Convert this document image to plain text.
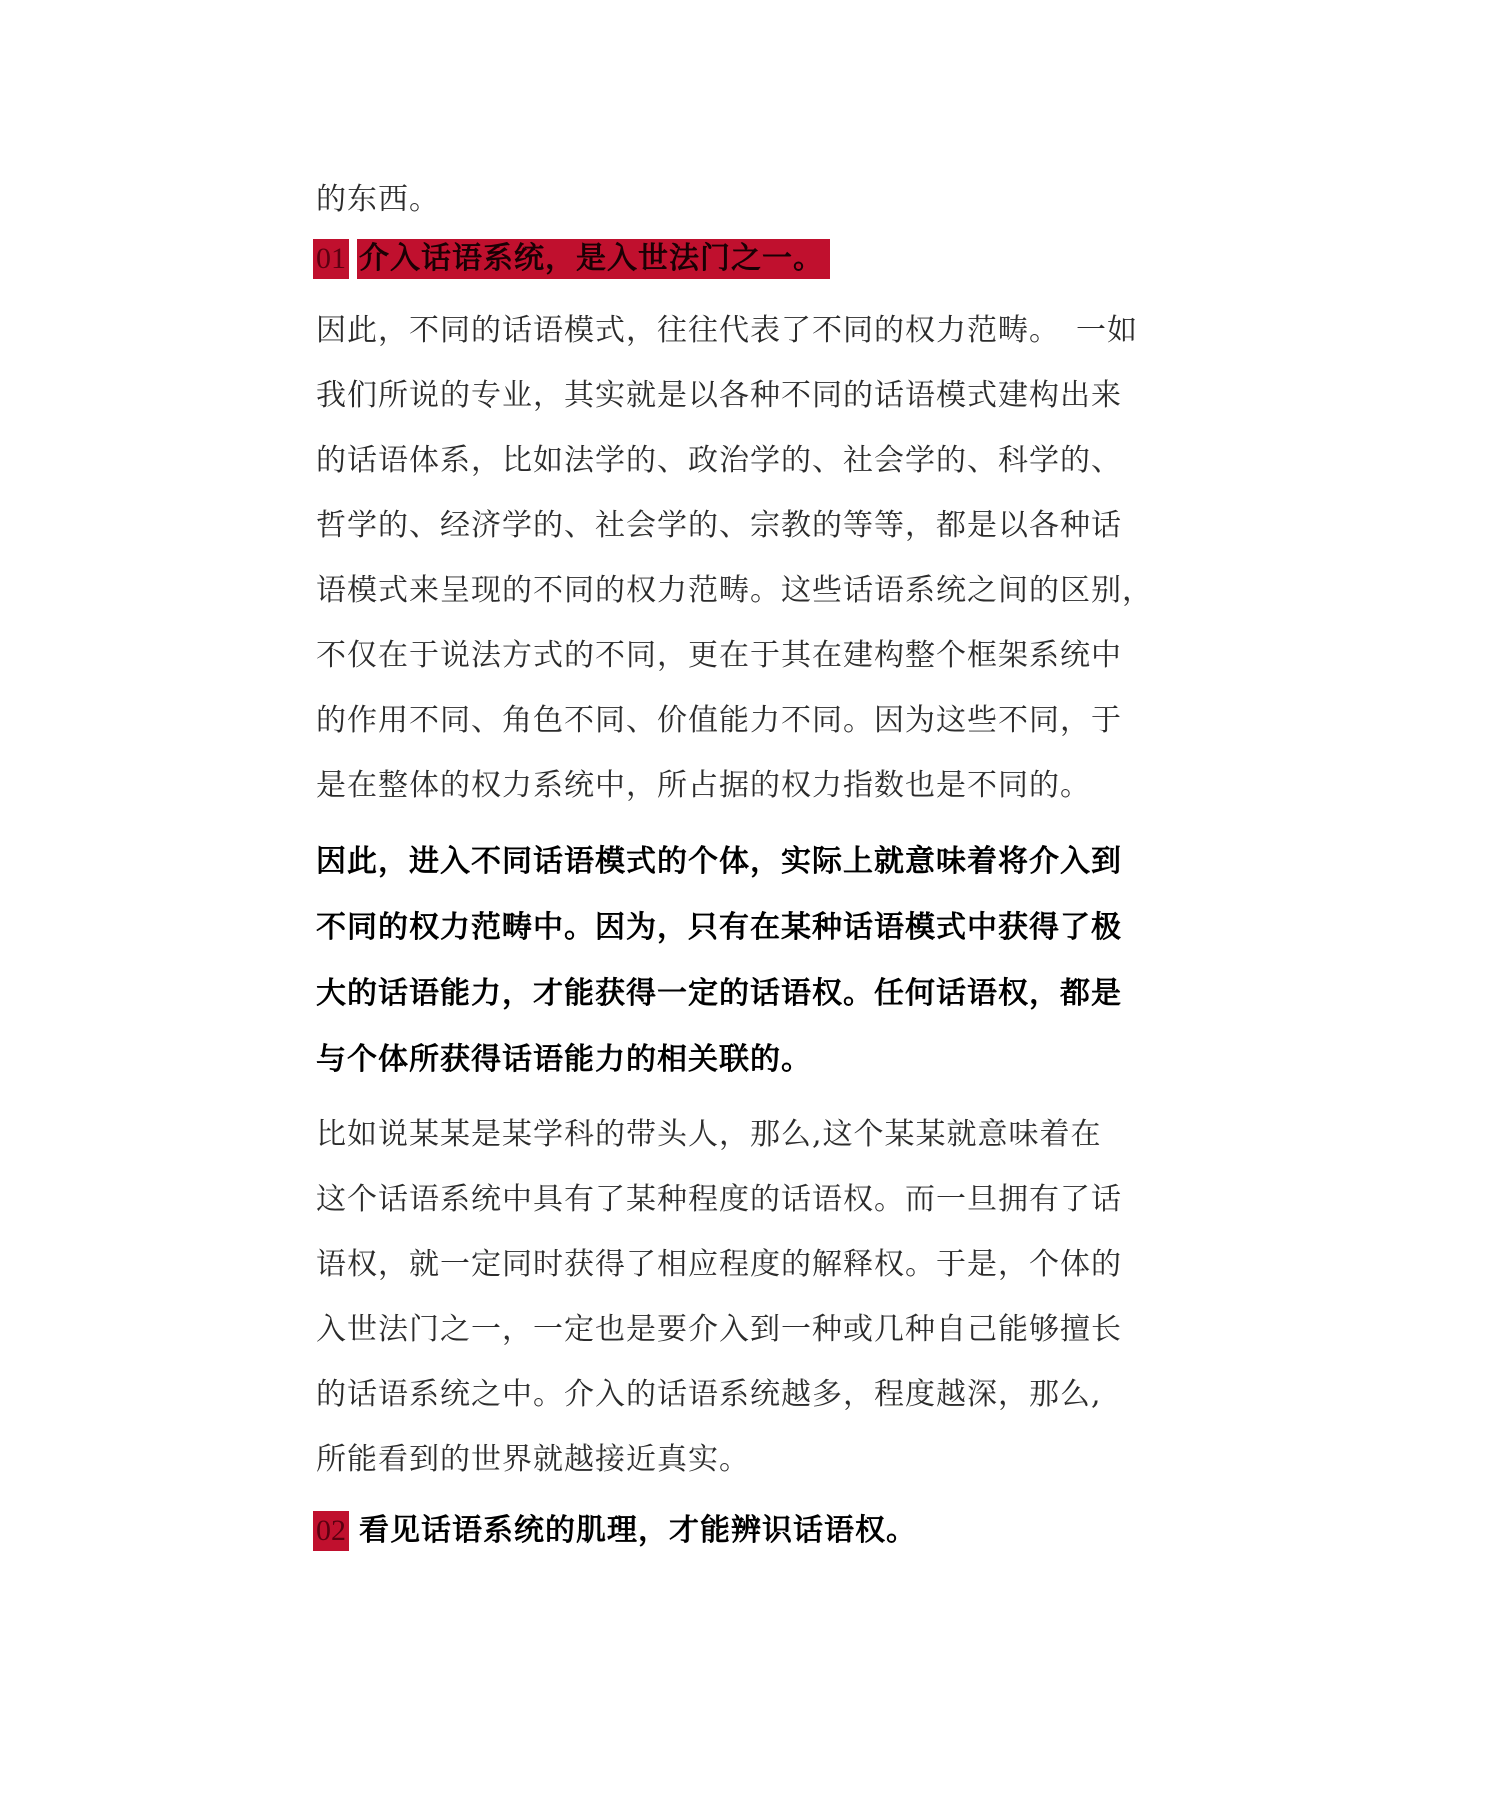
的东西。
01 介入话语系统，是入世法门之一。
因此，不同的话语模式，往往代表了不同的权力范畴。　一如
我们所说的专业，其实就是以各种不同的话语模式建构出来
的话语体系，比如法学的、政治学的、社会学的、科学的、
哲学的、经济学的、社会学的、宗教的等等，都是以各种话
语模式来呈现的不同的权力范畴。这些话语系统之间的区别，
不仅在于说法方式的不同，更在于其在建构整个框架系统中
的作用不同、角色不同、价值能力不同。因为这些不同，于
是在整体的权力系统中，所占据的权力指数也是不同的。
因此，进入不同话语模式的个体，实际上就意味着将介入到
不同的权力范畴中。因为，只有在某种话语模式中获得了极
大的话语能力，才能获得一定的话语权。任何话语权，都是
与个体所获得话语能力的相关联的。
比如说某某是某学科的带头人，那么,这个某某就意味着在
这个话语系统中具有了某种程度的话语权。而一旦拥有了话
语权，就一定同时获得了相应程度的解释权。于是，个体的
入世法门之一，一定也是要介入到一种或几种自己能够擅长
的话语系统之中。介入的话语系统越多，程度越深，那么,
所能看到的世界就越接近真实。
02 看见话语系统的肌理，才能辨识话语权。
